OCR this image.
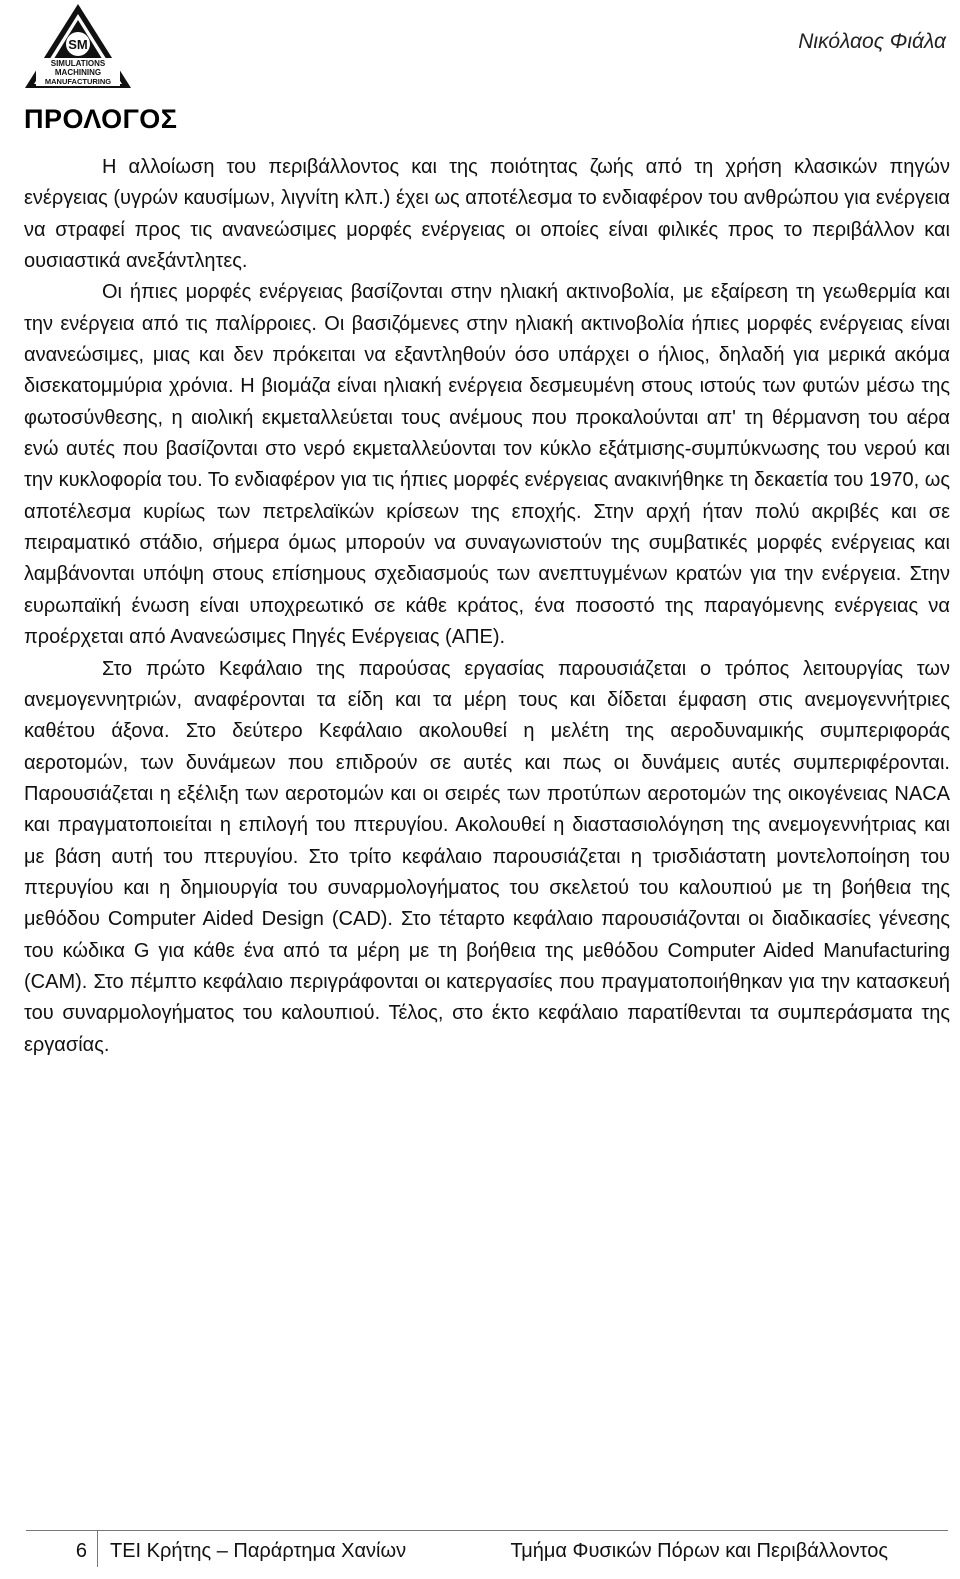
SM
SIMULATIONS
MACHINING
MANUFACTURING
Νικόλαος Φιάλα
ΠΡΟΛΟΓΟΣ

Η αλλοίωση του περιβάλλοντος και της ποιότητας ζωής από τη χρήση κλασικών πηγών ενέργειας (υγρών καυσίμων, λιγνίτη κλπ.) έχει ως αποτέλεσμα το ενδιαφέρον του ανθρώπου για ενέργεια να στραφεί προς τις ανανεώσιμες μορφές ενέργειας οι οποίες είναι φιλικές προς το περιβάλλον και ουσιαστικά ανεξάντλητες.

Οι ήπιες μορφές ενέργειας βασίζονται στην ηλιακή ακτινοβολία, με εξαίρεση τη γεωθερμία και την ενέργεια από τις παλίρροιες. Οι βασιζόμενες στην ηλιακή ακτινοβολία ήπιες μορφές ενέργειας είναι ανανεώσιμες, μιας και δεν πρόκειται να εξαντληθούν όσο υπάρχει ο ήλιος, δηλαδή για μερικά ακόμα δισεκατομμύρια χρόνια. Η βιομάζα είναι ηλιακή ενέργεια δεσμευμένη στους ιστούς των φυτών μέσω της φωτοσύνθεσης, η αιολική εκμεταλλεύεται τους ανέμους που προκαλούνται απ' τη θέρμανση του αέρα ενώ αυτές που βασίζονται στο νερό εκμεταλλεύονται τον κύκλο εξάτμισης-συμπύκνωσης του νερού και την κυκλοφορία του. Το ενδιαφέρον για τις ήπιες μορφές ενέργειας ανακινήθηκε τη δεκαετία του 1970, ως αποτέλεσμα κυρίως των πετρελαϊκών κρίσεων της εποχής. Στην αρχή ήταν πολύ ακριβές και σε πειραματικό στάδιο, σήμερα όμως μπορούν να συναγωνιστούν της συμβατικές μορφές ενέργειας και λαμβάνονται υπόψη στους επίσημους σχεδιασμούς των ανεπτυγμένων κρατών για την ενέργεια. Στην ευρωπαϊκή ένωση είναι υποχρεωτικό σε κάθε κράτος, ένα ποσοστό της παραγόμενης ενέργειας να προέρχεται από Ανανεώσιμες Πηγές Ενέργειας (ΑΠΕ).

Στο πρώτο Κεφάλαιο της παρούσας εργασίας παρουσιάζεται ο τρόπος λειτουργίας των ανεμογεννητριών, αναφέρονται τα είδη και τα μέρη τους και δίδεται έμφαση στις ανεμογεννήτριες καθέτου άξονα. Στο δεύτερο Κεφάλαιο ακολουθεί η μελέτη της αεροδυναμικής συμπεριφοράς αεροτομών, των δυνάμεων που επιδρούν σε αυτές και πως οι δυνάμεις αυτές συμπεριφέρονται. Παρουσιάζεται η εξέλιξη των αεροτομών και οι σειρές των προτύπων αεροτομών της οικογένειας NACA και πραγματοποιείται η επιλογή του πτερυγίου. Ακολουθεί η διαστασιολόγηση της ανεμογεννήτριας και με βάση αυτή του πτερυγίου. Στο τρίτο κεφάλαιο παρουσιάζεται η τρισδιάστατη μοντελοποίηση του πτερυγίου και η δημιουργία του συναρμολογήματος του σκελετού του καλουπιού με τη βοήθεια της μεθόδου Computer Aided Design (CAD). Στο τέταρτο κεφάλαιο παρουσιάζονται οι διαδικασίες γένεσης του κώδικα G για κάθε ένα από τα μέρη με τη βοήθεια της μεθόδου Computer Aided Manufacturing (CAM). Στο πέμπτο κεφάλαιο περιγράφονται οι κατεργασίες που πραγματοποιήθηκαν για την κατασκευή του συναρμολογήματος του καλουπιού. Τέλος, στο έκτο κεφάλαιο παρατίθενται τα συμπεράσματα της εργασίας.

6	ΤΕΙ Κρήτης – Παράρτημα Χανίων	Τμήμα Φυσικών Πόρων και Περιβάλλοντος
